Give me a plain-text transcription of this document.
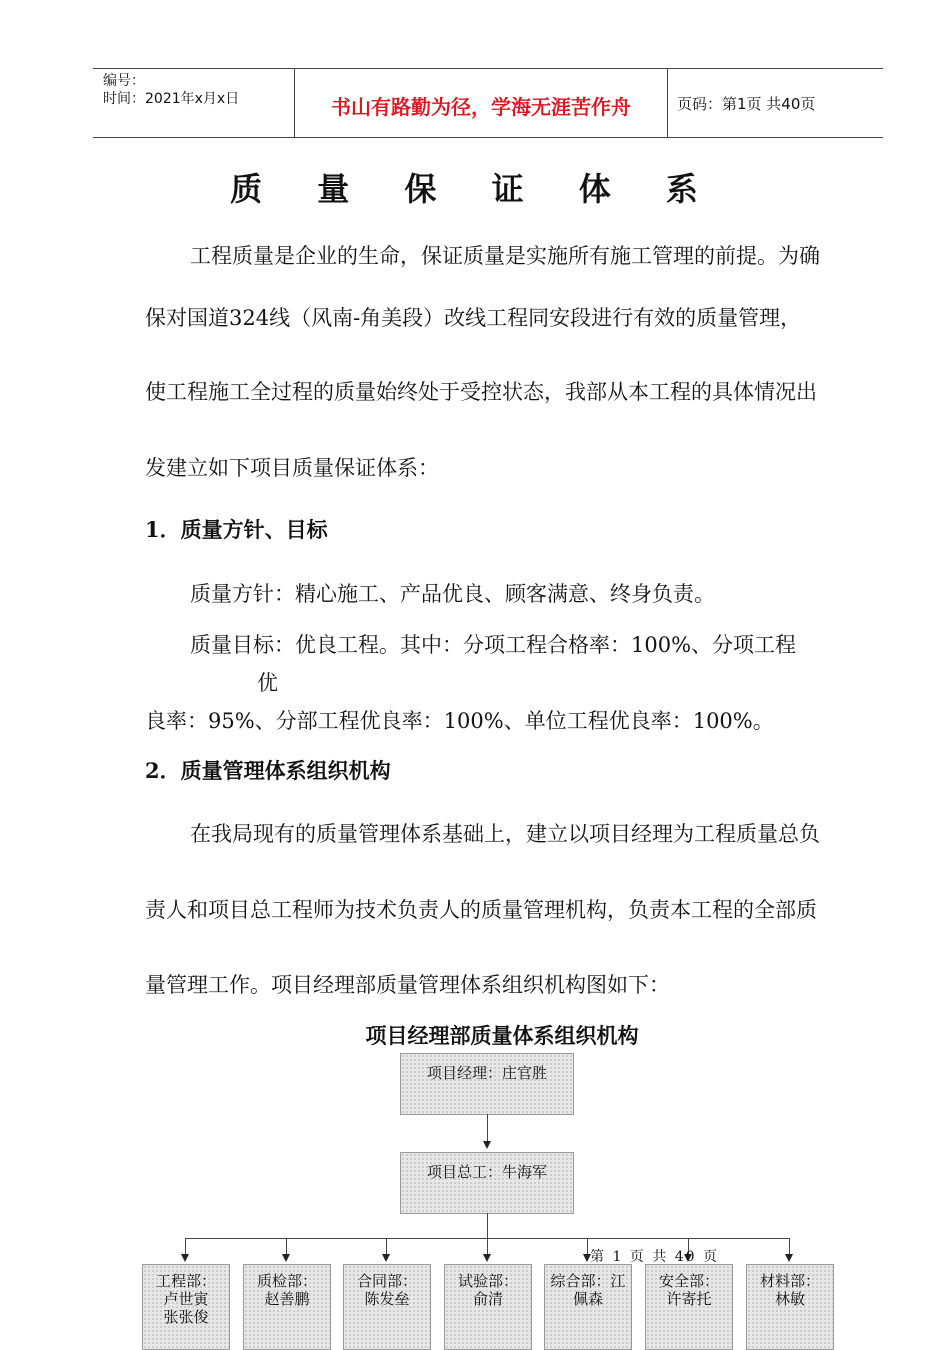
编号：
时间：2021年x月x日	书山有路勤为径，学海无涯苦作舟	页码：第1页 共40页
质 量 保 证 体 系
工程质量是企业的生命，保证质量是实施所有施工管理的前提。为确
保对国道324线（风南-角美段）改线工程同安段进行有效的质量管理，
使工程施工全过程的质量始终处于受控状态，我部从本工程的具体情况出
发建立如下项目质量保证体系：
1．质量方针、目标
质量方针：精心施工、产品优良、顾客满意、终身负责。
质量目标：优良工程。其中：分项工程合格率：100%、分项工程
优
良率：95%、分部工程优良率：100%、单位工程优良率：100%。
2．质量管理体系组织机构
在我局现有的质量管理体系基础上，建立以项目经理为工程质量总负
责人和项目总工程师为技术负责人的质量管理机构，负责本工程的全部质
量管理工作。项目经理部质量管理体系组织机构图如下：
项目经理部质量体系组织机构
项目经理：庄官胜
项目总工：牛海军
工程部：
卢世寅
张张俊
质检部：
赵善鹏
合同部：
陈发垒
试验部：
俞清
综合部：江
佩森
安全部：
许寄托
材料部：
林敏
第 1 页 共 40 页
